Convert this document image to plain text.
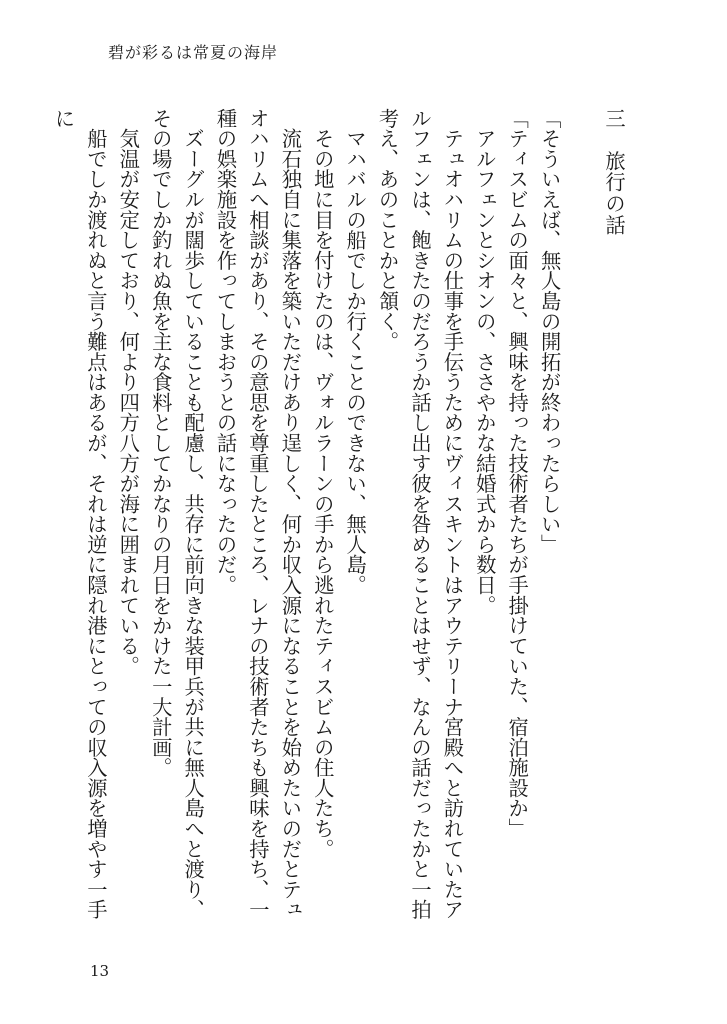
碧が彩るは常夏の海岸

三　旅行の話

「そういえば、無人島の開拓が終わったらしい」

「ティスビムの面々と、興味を持った技術者たちが手掛けていた、宿泊施設か」

　アルフェンとシオンの、ささやかな結婚式から数日。

　テュオハリムの仕事を手伝うためにヴィスキントはアウテリーナ宮殿へと訪れていたアルフェンは、飽きたのだろうか話し出す彼を咎めることはせず、なんの話だったかと一拍考え、あのことかと頷く。

　マハバルの船でしか行くことのできない、無人島。

　その地に目を付けたのは、ヴォルラーンの手から逃れたティスビムの住人たち。

　流石独自に集落を築いただけあり逞しく、何か収入源になることを始めたいのだとテュオハリムへ相談があり、その意思を尊重したところ、レナの技術者たちも興味を持ち、一種の娯楽施設を作ってしまおうとの話になったのだ。

　ズーグルが闊歩していることも配慮し、共存に前向きな装甲兵が共に無人島へと渡り、その場でしか釣れぬ魚を主な食料としてかなりの月日をかけた一大計画。

　気温が安定しており、何より四方八方が海に囲まれている。

　船でしか渡れぬと言う難点はあるが、それは逆に隠れ港にとっての収入源を増やす一手に

13
